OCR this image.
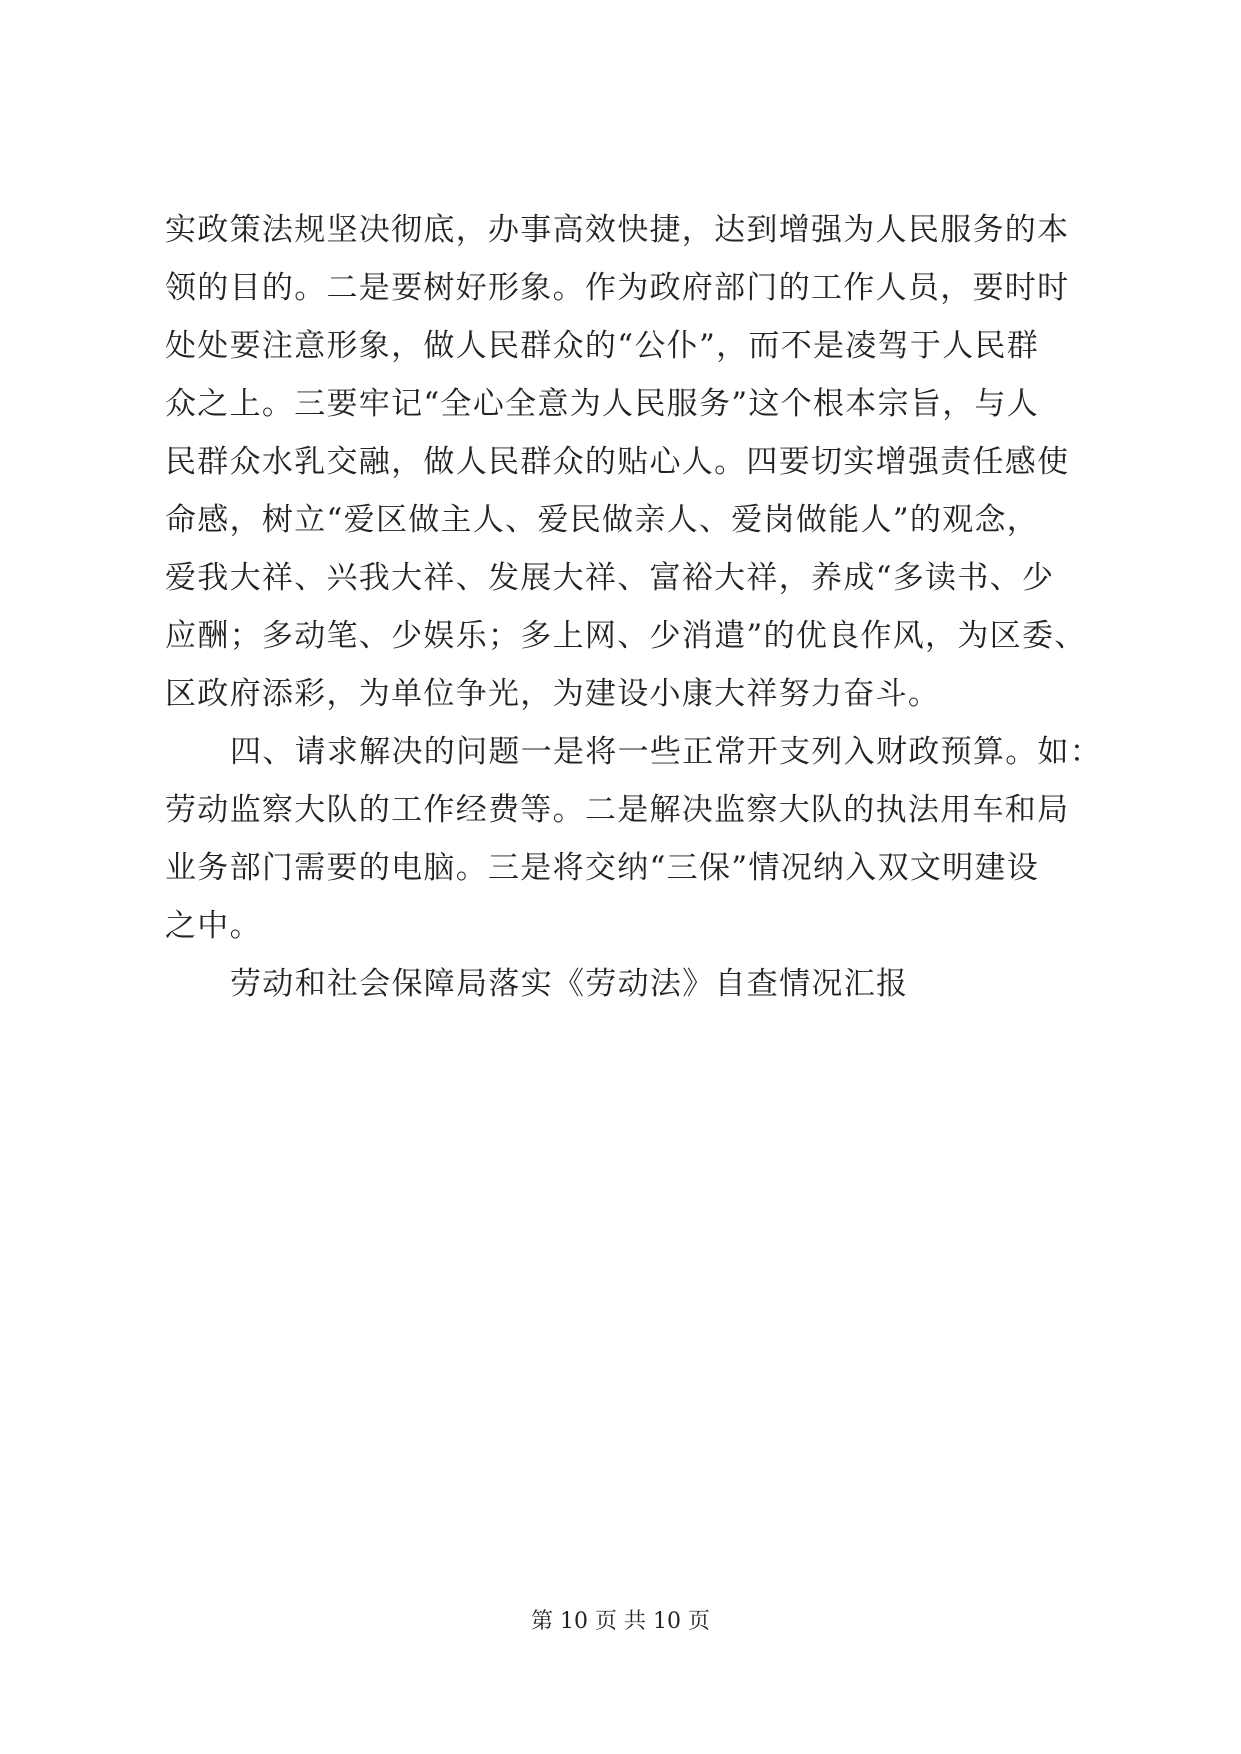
实政策法规坚决彻底，办事高效快捷，达到增强为人民服务的本
领的目的。二是要树好形象。作为政府部门的工作人员，要时时
处处要注意形象，做人民群众的“公仆”，而不是凌驾于人民群
众之上。三要牢记“全心全意为人民服务”这个根本宗旨，与人
民群众水乳交融，做人民群众的贴心人。四要切实增强责任感使
命感，树立“爱区做主人、爱民做亲人、爱岗做能人”的观念，
爱我大祥、兴我大祥、发展大祥、富裕大祥，养成“多读书、少
应酬；多动笔、少娱乐；多上网、少消遣”的优良作风，为区委、
区政府添彩，为单位争光，为建设小康大祥努力奋斗。
四、请求解决的问题一是将一些正常开支列入财政预算。如：
劳动监察大队的工作经费等。二是解决监察大队的执法用车和局
业务部门需要的电脑。三是将交纳“三保”情况纳入双文明建设
之中。
劳动和社会保障局落实《劳动法》自查情况汇报
第 10 页 共 10 页
